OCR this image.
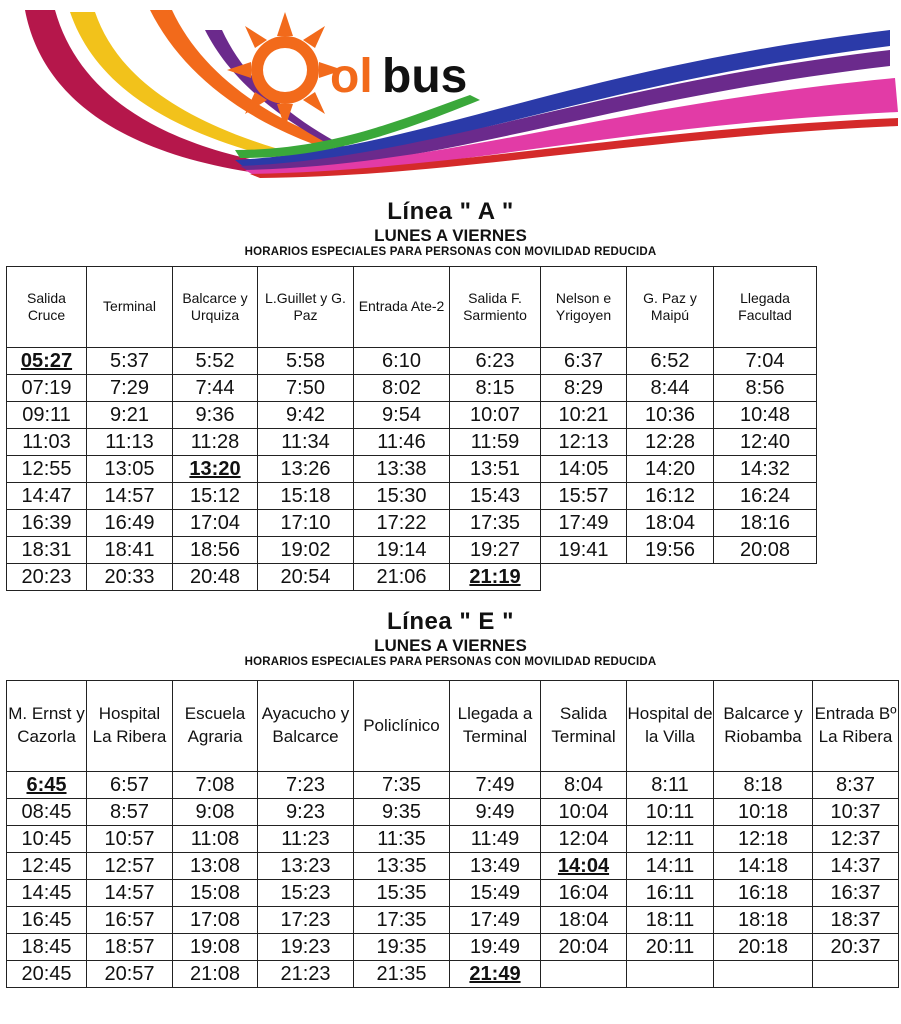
ol bus
Línea " A "
LUNES A VIERNES
HORARIOS ESPECIALES PARA PERSONAS CON MOVILIDAD REDUCIDA
Salida Cruce	Terminal	Balcarce y Urquiza	L.Guillet y G. Paz	Entrada Ate-2	Salida F. Sarmiento	Nelson e Yrigoyen	G. Paz y Maipú	Llegada Facultad
05:27	5:37	5:52	5:58	6:10	6:23	6:37	6:52	7:04
07:19	7:29	7:44	7:50	8:02	8:15	8:29	8:44	8:56
09:11	9:21	9:36	9:42	9:54	10:07	10:21	10:36	10:48
11:03	11:13	11:28	11:34	11:46	11:59	12:13	12:28	12:40
12:55	13:05	13:20	13:26	13:38	13:51	14:05	14:20	14:32
14:47	14:57	15:12	15:18	15:30	15:43	15:57	16:12	16:24
16:39	16:49	17:04	17:10	17:22	17:35	17:49	18:04	18:16
18:31	18:41	18:56	19:02	19:14	19:27	19:41	19:56	20:08
20:23	20:33	20:48	20:54	21:06	21:19			
Línea " E "
LUNES A VIERNES
HORARIOS ESPECIALES PARA PERSONAS CON MOVILIDAD REDUCIDA
M. Ernst y Cazorla	Hospital La Ribera	Escuela Agraria	Ayacucho y Balcarce	Policlínico	Llegada a Terminal	Salida Terminal	Hospital de la Villa	Balcarce y Riobamba	Entrada Bº La Ribera
6:45	6:57	7:08	7:23	7:35	7:49	8:04	8:11	8:18	8:37
08:45	8:57	9:08	9:23	9:35	9:49	10:04	10:11	10:18	10:37
10:45	10:57	11:08	11:23	11:35	11:49	12:04	12:11	12:18	12:37
12:45	12:57	13:08	13:23	13:35	13:49	14:04	14:11	14:18	14:37
14:45	14:57	15:08	15:23	15:35	15:49	16:04	16:11	16:18	16:37
16:45	16:57	17:08	17:23	17:35	17:49	18:04	18:11	18:18	18:37
18:45	18:57	19:08	19:23	19:35	19:49	20:04	20:11	20:18	20:37
20:45	20:57	21:08	21:23	21:35	21:49				
